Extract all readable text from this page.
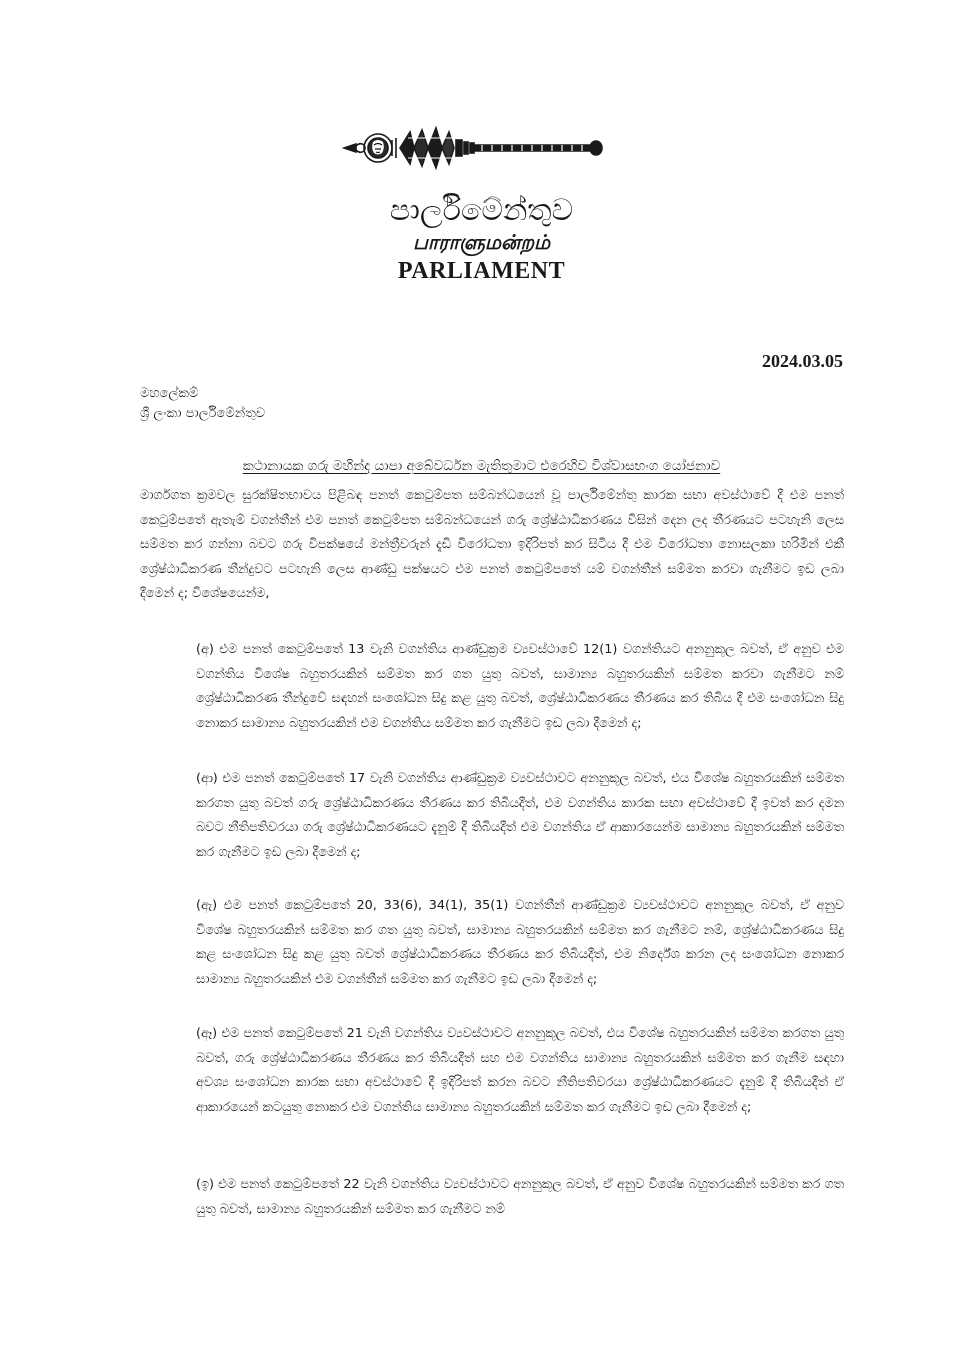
පාර්ලිමේන්තුව
பாராளுமன்றம்
PARLIAMENT
2024.03.05
මහලේකම්
ශ්‍රී ලංකා පාර්ලිමේන්තුව
කථානායක ගරු මහින්ද යාපා අබේවර්ධන මැතිතුමාට එරෙහිව විශ්වාසභංග යෝජනාව

මාර්ගගත ක්‍රමවල සුරක්ෂිතභාවය පිළිබඳ පනත් කෙටුම්පත සම්බන්ධයෙන් වූ පාර්ලිමේන්තු කාරක සභා අවස්ථාවේ දී එම පනත් කෙටුම්පතේ ඇතැම් වගන්තීන් එම පනත් කෙටුම්පත සම්බන්ධයෙන් ගරු ශ්‍රේෂ්ඨාධිකරණය විසින් දෙන ලද තීරණයට පටහැනි ලෙස සම්මත කර ගන්නා බවට ගරු විපක්ෂයේ මන්ත්‍රීවරුන් දැඩි විරෝධතා ඉදිරිපත් කර සිටිය දී එම විරෝධතා නොසලකා හරිමින් එකී ශ්‍රේෂ්ඨාධිකරණ තීන්දුවට පටහැනි ලෙස ආණ්ඩු පක්ෂයට එම පනත් කෙටුම්පතේ යම් වගන්තීන් සම්මත කරවා ගැනීමට ඉඩ ලබා දීමෙන් ද; විශේෂයෙන්ම,

(අ) එම පනත් කෙටුම්පතේ 13 වැනි වගන්තිය ආණ්ඩුක්‍රම ව්‍යවස්ථාවේ 12(1) වගන්තියට අනනුකූල බවත්, ඒ අනුව එම වගන්තිය විශේෂ බහුතරයකින් සම්මත කර ගත යුතු බවත්, සාමාන්‍ය බහුතරයකින් සම්මත කරවා ගැනීමට නම් ශ්‍රේෂ්ඨාධිකරණ තීන්දුවේ සඳහන් සංශෝධන සිදු කළ යුතු බවත්, ශ්‍රේෂ්ඨාධිකරණය තීරණය කර තිබිය දී එම සංශෝධන සිදු නොකර සාමාන්‍ය බහුතරයකින් එම වගන්තිය සම්මත කර ගැනීමට ඉඩ ලබා දීමෙන් ද;

(ආ) එම පනත් කෙටුම්පතේ 17 වැනි වගන්තිය ආණ්ඩුක්‍රම ව්‍යවස්ථාවට අනනුකූල බවත්, එය විශේෂ බහුතරයකින් සම්මත කරගත යුතු බවත් ගරු ශ්‍රේෂ්ඨාධිකරණය තීරණය කර තිබියදීත්, එම වගන්තිය කාරක සභා අවස්ථාවේ දී ඉවත් කර දමන බවට නීතිපතිවරයා ගරු ශ්‍රේෂ්ඨාධිකරණයට දැනුම් දී තිබියදීත් එම වගන්තිය ඒ ආකාරයෙන්ම සාමාන්‍ය බහුතරයකින් සම්මත කර ගැනීමට ඉඩ ලබා දීමෙන් ද;

(ඇ) එම පනත් කෙටුම්පතේ 20, 33(6), 34(1), 35(1) වගන්තීන් ආණ්ඩුක්‍රම ව්‍යවස්ථාවට අනනුකූල බවත්, ඒ අනුව විශේෂ බහුතරයකින් සම්මත කර ගත යුතු බවත්, සාමාන්‍ය බහුතරයකින් සම්මත කර ගැනීමට නම්, ශ්‍රේෂ්ඨාධිකරණය සිදු කළ සංශෝධන සිදු කළ යුතු බවත් ශ්‍රේෂ්ඨාධිකරණය තීරණය කර තිබියදීත්, එම නිර්දේශ කරන ලද සංශෝධන නොකර සාමාන්‍ය බහුතරයකින් එම වගන්තීන් සම්මත කර ගැනීමට ඉඩ ලබා දීමෙන් ද;

(ඈ) එම පනත් කෙටුම්පතේ 21 වැනි වගන්තිය ව්‍යවස්ථාවට අනනුකූල බවත්, එය විශේෂ බහුතරයකින් සම්මත කරගත යුතු බවත්, ගරු ශ්‍රේෂ්ඨාධිකරණය තීරණය කර තිබියදීත් සහ එම වගන්තිය සාමාන්‍ය බහුතරයකින් සම්මත කර ගැනීම සඳහා අවශ්‍ය සංශෝධන කාරක සභා අවස්ථාවේ දී ඉදිරිපත් කරන බවට නීතිපතිවරයා ශ්‍රේෂ්ඨාධිකරණයට දැනුම් දී තිබියදීත් ඒ ආකාරයෙන් කටයුතු නොකර එම වගන්තිය සාමාන්‍ය බහුතරයකින් සම්මත කර ගැනීමට ඉඩ ලබා දීමෙන් ද;

(ඉ) එම පනත් කෙටුම්පතේ 22 වැනි වගන්තිය ව්‍යවස්ථාවට අනනුකූල බවත්, ඒ අනුව විශේෂ බහුතරයකින් සම්මත කර ගත යුතු බවත්, සාමාන්‍ය බහුතරයකින් සම්මත කර ගැනීමට නම්
